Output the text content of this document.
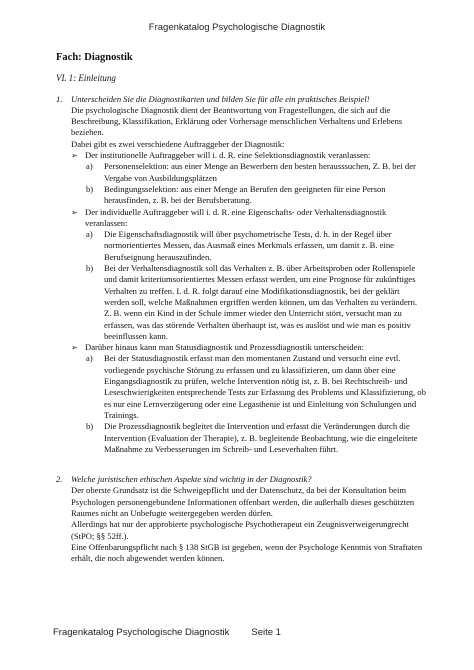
Fragenkatalog Psychologische Diagnostik
Fach: Diagnostik
VL 1: Einleitung
1. Unterscheiden Sie die Diagnostikarten und bilden Sie für alle ein praktisches Beispiel!
Die psychologische Diagnostik dient der Beantwortung von Fragestellungen, die sich auf die Beschreibung, Klassifikation, Erklärung oder Vorhersage menschlichen Verhaltens und Erlebens beziehen.
Dabei gibt es zwei verschiedene Auftraggeber der Diagnostik:
➢ Der institutionelle Auftraggeber will i. d. R. eine Selektionsdiagnostik veranlassen:
a) Personenselektion: aus einer Menge an Bewerbern den besten herausssuchen, Z. B. bei der Vergabe von Ausbildungsplätzen
b) Bedingungsselektion: aus einer Menge an Berufen den geeigneten für eine Person herausfinden, z. B. bei der Berufsberatung.
➢ Der individuelle Auftraggeber will i. d. R. eine Eigenschafts- oder Verhaltensdiagnostik veranlassen:
a) Die Eigenschaftsdiagnostik will über psychometrische Tests, d. h. in der Regel über normorientiertes Messen, das Ausmaß eines Merkmals erfassen, um damit z. B. eine Berufseignung herauszufinden.
b) Bei der Verhaltensdiagnostik soll das Verhalten z. B. über Arbeitsproben oder Rollenspiele und damit kriteriumsorientiertes Messen erfasst werden, um eine Prognose für zukünftiges Verhalten zu treffen. I. d. R. folgt darauf eine Modifikationsdiagnostik, bei der geklärt werden soll, welche Maßnahmen ergriffen werden können, um das Verhalten zu verändern. Z. B. wenn ein Kind in der Schule immer wieder den Unterricht stört, versucht man zu erfassen, was das störende Verhalten überhaupt ist, was es auslöst und wie man es positiv beeinflussen kann.
➢ Darüber hinaus kann man Statusdiagnostik und Prozessdiagnostik unterscheiden:
a) Bei der Statusdiagnostik erfasst man den momentanen Zustand und versucht eine evtl. vorliegende psychische Störung zu erfassen und zu klassifizieren, um dann über eine Eingangsdiagnostik zu prüfen, welche Intervention nötig ist, z. B. bei Rechtschreib- und Leseschwierigkeiten entsprechende Tests zur Erfassung des Problems und Klassifizierung, ob es nur eine Lernverzögerung oder eine Legasthenie ist und Einleitung von Schulungen und Trainings.
b) Die Prozessdiagnostik begleitet die Intervention und erfasst die Veränderungen durch die Intervention (Evaluation der Therapie), z. B. begleitende Beobachtung, wie die eingeleitete Maßnahme zu Verbesserungen im Schreib- und Leseverhalten führt.
2. Welche juristischen ethischen Aspekte sind wichtig in der Diagnostik?
Der oberste Grundsatz ist die Schweigepflicht und der Datenschutz, da bei der Konsultation beim Psychologen personengebundene Informationen offenbart werden, die außerhalb dieses geschützten Raumes nicht an Unbefugte weitergegeben werden dürfen.
Allerdings hat nur der approbierte psychologische Psychotherapeut ein Zeugnisverweigerungrecht (StPO; §§ 52ff.).
Eine Offenbarungspflicht nach § 138 StGB ist gegeben, wenn der Psychologe Kenntnis von Straftaten erhält, die noch abgewendet werden können.
Fragenkatalog Psychologische Diagnostik Seite 1
